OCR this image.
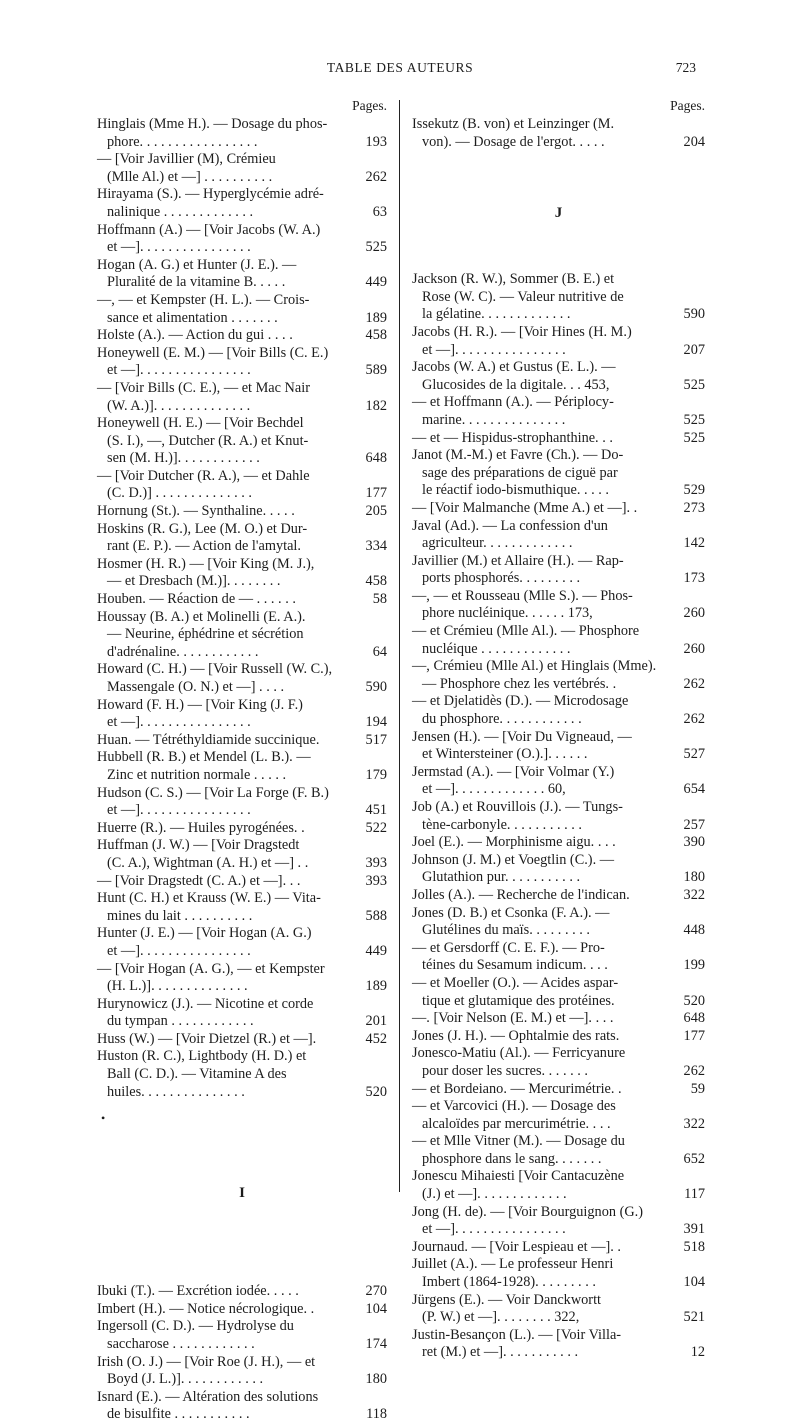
TABLE DES AUTEURS	723
Pages.
Hinglais (Mme H.). — Dosage du phos-
phore. . . . . . . . . . . . . . . . .	193
— [Voir Javillier (M), Crémieu
(Mlle Al.) et —] . . . . . . . . . .	262
Hirayama (S.). — Hyperglycémie adré-
nalinique . . . . . . . . . . . . .	63
Hoffmann (A.) — [Voir Jacobs (W. A.)
et —]. . . . . . . . . . . . . . . .	525
Hogan (A. G.) et Hunter (J. E.). —
Pluralité de la vitamine B. . . . .	449
—, — et Kempster (H. L.). — Crois-
sance et alimentation . . . . . . .	189
Holste (A.). — Action du gui . . . .	458
Honeywell (E. M.) — [Voir Bills (C. E.)
et —]. . . . . . . . . . . . . . . .	589
— [Voir Bills (C. E.), — et Mac Nair
(W. A.)]. . . . . . . . . . . . . .	182
Honeywell (H. E.) — [Voir Bechdel
(S. I.), —, Dutcher (R. A.) et Knut-
sen (M. H.)]. . . . . . . . . . . .	648
— [Voir Dutcher (R. A.), — et Dahle
(C. D.)] . . . . . . . . . . . . . .	177
Hornung (St.). — Synthaline. . . . .	205
Hoskins (R. G.), Lee (M. O.) et Dur-
rant (E. P.). — Action de l'amytal.	334
Hosmer (H. R.) — [Voir King (M. J.),
— et Dresbach (M.)]. . . . . . . .	458
Houben. — Réaction de — . . . . . .	58
Houssay (B. A.) et Molinelli (E. A.).
— Neurine, éphédrine et sécrétion
d'adrénaline. . . . . . . . . . . .	64
Howard (C. H.) — [Voir Russell (W. C.),
Massengale (O. N.) et —] . . . .	590
Howard (F. H.) — [Voir King (J. F.)
et —]. . . . . . . . . . . . . . . .	194
Huan. — Tétréthyldiamide succinique.	517
Hubbell (R. B.) et Mendel (L. B.). —
Zinc et nutrition normale . . . . .	179
Hudson (C. S.) — [Voir La Forge (F. B.)
et —]. . . . . . . . . . . . . . . .	451
Huerre (R.). — Huiles pyrogénées. .	522
Huffman (J. W.) — [Voir Dragstedt
(C. A.), Wightman (A. H.) et —] . .	393
— [Voir Dragstedt (C. A.) et —]. . .	393
Hunt (C. H.) et Krauss (W. E.) — Vita-
mines du lait . . . . . . . . . .	588
Hunter (J. E.) — [Voir Hogan (A. G.)
et —]. . . . . . . . . . . . . . . .	449
— [Voir Hogan (A. G.), — et Kempster
(H. L.)]. . . . . . . . . . . . . .	189
Hurynowicz (J.). — Nicotine et corde
du tympan . . . . . . . . . . . .	201
Huss (W.) — [Voir Dietzel (R.) et —].	452
Huston (R. C.), Lightbody (H. D.) et
Ball (C. D.). — Vitamine A des
huiles. . . . . . . . . . . . . . .	520
•
I
Ibuki (T.). — Excrétion iodée. . . . .	270
Imbert (H.). — Notice nécrologique. .	104
Ingersoll (C. D.). — Hydrolyse du
saccharose . . . . . . . . . . . .	174
Irish (O. J.) — [Voir Roe (J. H.), — et
Boyd (J. L.)]. . . . . . . . . . . .	180
Isnard (E.). — Altération des solutions
de bisulfite . . . . . . . . . . .	118
Pages.
Issekutz (B. von) et Leinzinger (M.
von). — Dosage de l'ergot. . . . .	204
J
Jackson (R. W.), Sommer (B. E.) et
Rose (W. C). — Valeur nutritive de
la gélatine. . . . . . . . . . . . .	590
Jacobs (H. R.). — [Voir Hines (H. M.)
et —]. . . . . . . . . . . . . . . .	207
Jacobs (W. A.) et Gustus (E. L.). —
Glucosides de la digitale. . . 453,	525
— et Hoffmann (A.). — Périplocy-
marine. . . . . . . . . . . . . . .	525
— et — Hispidus-strophanthine. . .	525
Janot (M.-M.) et Favre (Ch.). — Do-
sage des préparations de ciguë par
le réactif iodo-bismuthique. . . . .	529
— [Voir Malmanche (Mme A.) et —]. .	273
Javal (Ad.). — La confession d'un
agriculteur. . . . . . . . . . . . .	142
Javillier (M.) et Allaire (H.). — Rap-
ports phosphorés. . . . . . . . .	173
—, — et Rousseau (Mlle S.). — Phos-
phore nucléinique. . . . . . 173,	260
— et Crémieu (Mlle Al.). — Phosphore
nucléique . . . . . . . . . . . . .	260
—, Crémieu (Mlle Al.) et Hinglais (Mme).
— Phosphore chez les vertébrés. .	262
— et Djelatidès (D.). — Microdosage
du phosphore. . . . . . . . . . . .	262
Jensen (H.). — [Voir Du Vigneaud, —
et Wintersteiner (O.).]. . . . . .	527
Jermstad (A.). — [Voir Volmar (Y.)
et —]. . . . . . . . . . . . . 60,	654
Job (A.) et Rouvillois (J.). — Tungs-
tène-carbonyle. . . . . . . . . . .	257
Joel (E.). — Morphinisme aigu. . . .	390
Johnson (J. M.) et Voegtlin (C.). —
Glutathion pur. . . . . . . . . . .	180
Jolles (A.). — Recherche de l'indican.	322
Jones (D. B.) et Csonka (F. A.). —
Glutélines du maïs. . . . . . . . .	448
— et Gersdorff (C. E. F.). — Pro-
téines du Sesamum indicum. . . .	199
— et Moeller (O.). — Acides aspar-
tique et glutamique des protéines.	520
—. [Voir Nelson (E. M.) et —]. . . .	648
Jones (J. H.). — Ophtalmie des rats.	177
Jonesco-Matiu (Al.). — Ferricyanure
pour doser les sucres. . . . . . .	262
— et Bordeiano. — Mercurimétrie. .	59
— et Varcovici (H.). — Dosage des
alcaloïdes par mercurimétrie. . . .	322
— et Mlle Vitner (M.). — Dosage du
phosphore dans le sang. . . . . . .	652
Jonescu Mihaiesti [Voir Cantacuzène
(J.) et —]. . . . . . . . . . . . .	117
Jong (H. de). — [Voir Bourguignon (G.)
et —]. . . . . . . . . . . . . . . .	391
Journaud. — [Voir Lespieau et —]. .	518
Juillet (A.). — Le professeur Henri
Imbert (1864-1928). . . . . . . . .	104
Jürgens (E.). — Voir Danckwortt
(P. W.) et —]. . . . . . . . 322,	521
Justin-Besançon (L.). — [Voir Villa-
ret (M.) et —]. . . . . . . . . . .	12
